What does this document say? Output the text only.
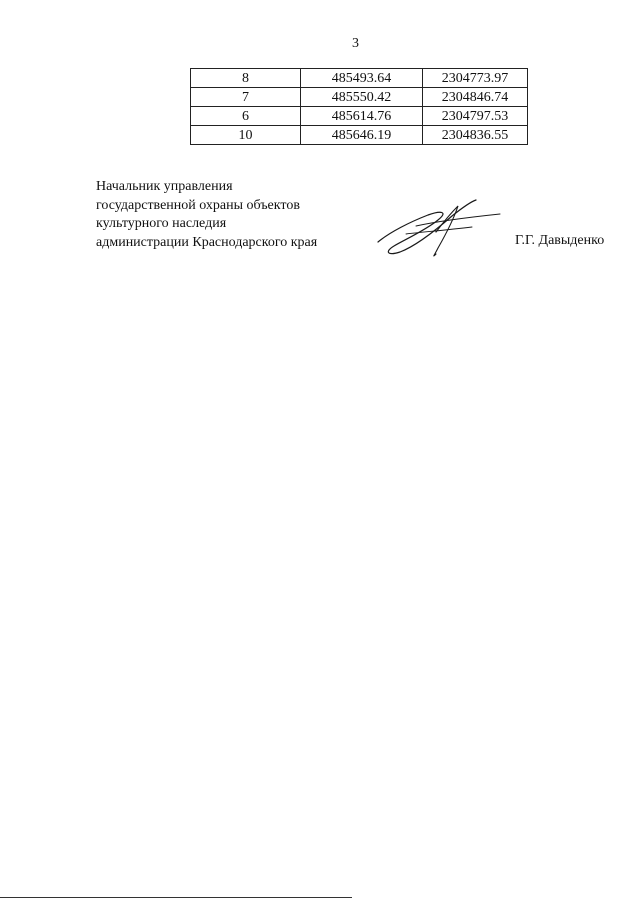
3
8	485493.64	2304773.97
7	485550.42	2304846.74
6	485614.76	2304797.53
10	485646.19	2304836.55
Начальник управления
государственной охраны объектов
культурного наследия
администрации Краснодарского края	Г.Г. Давыденко
